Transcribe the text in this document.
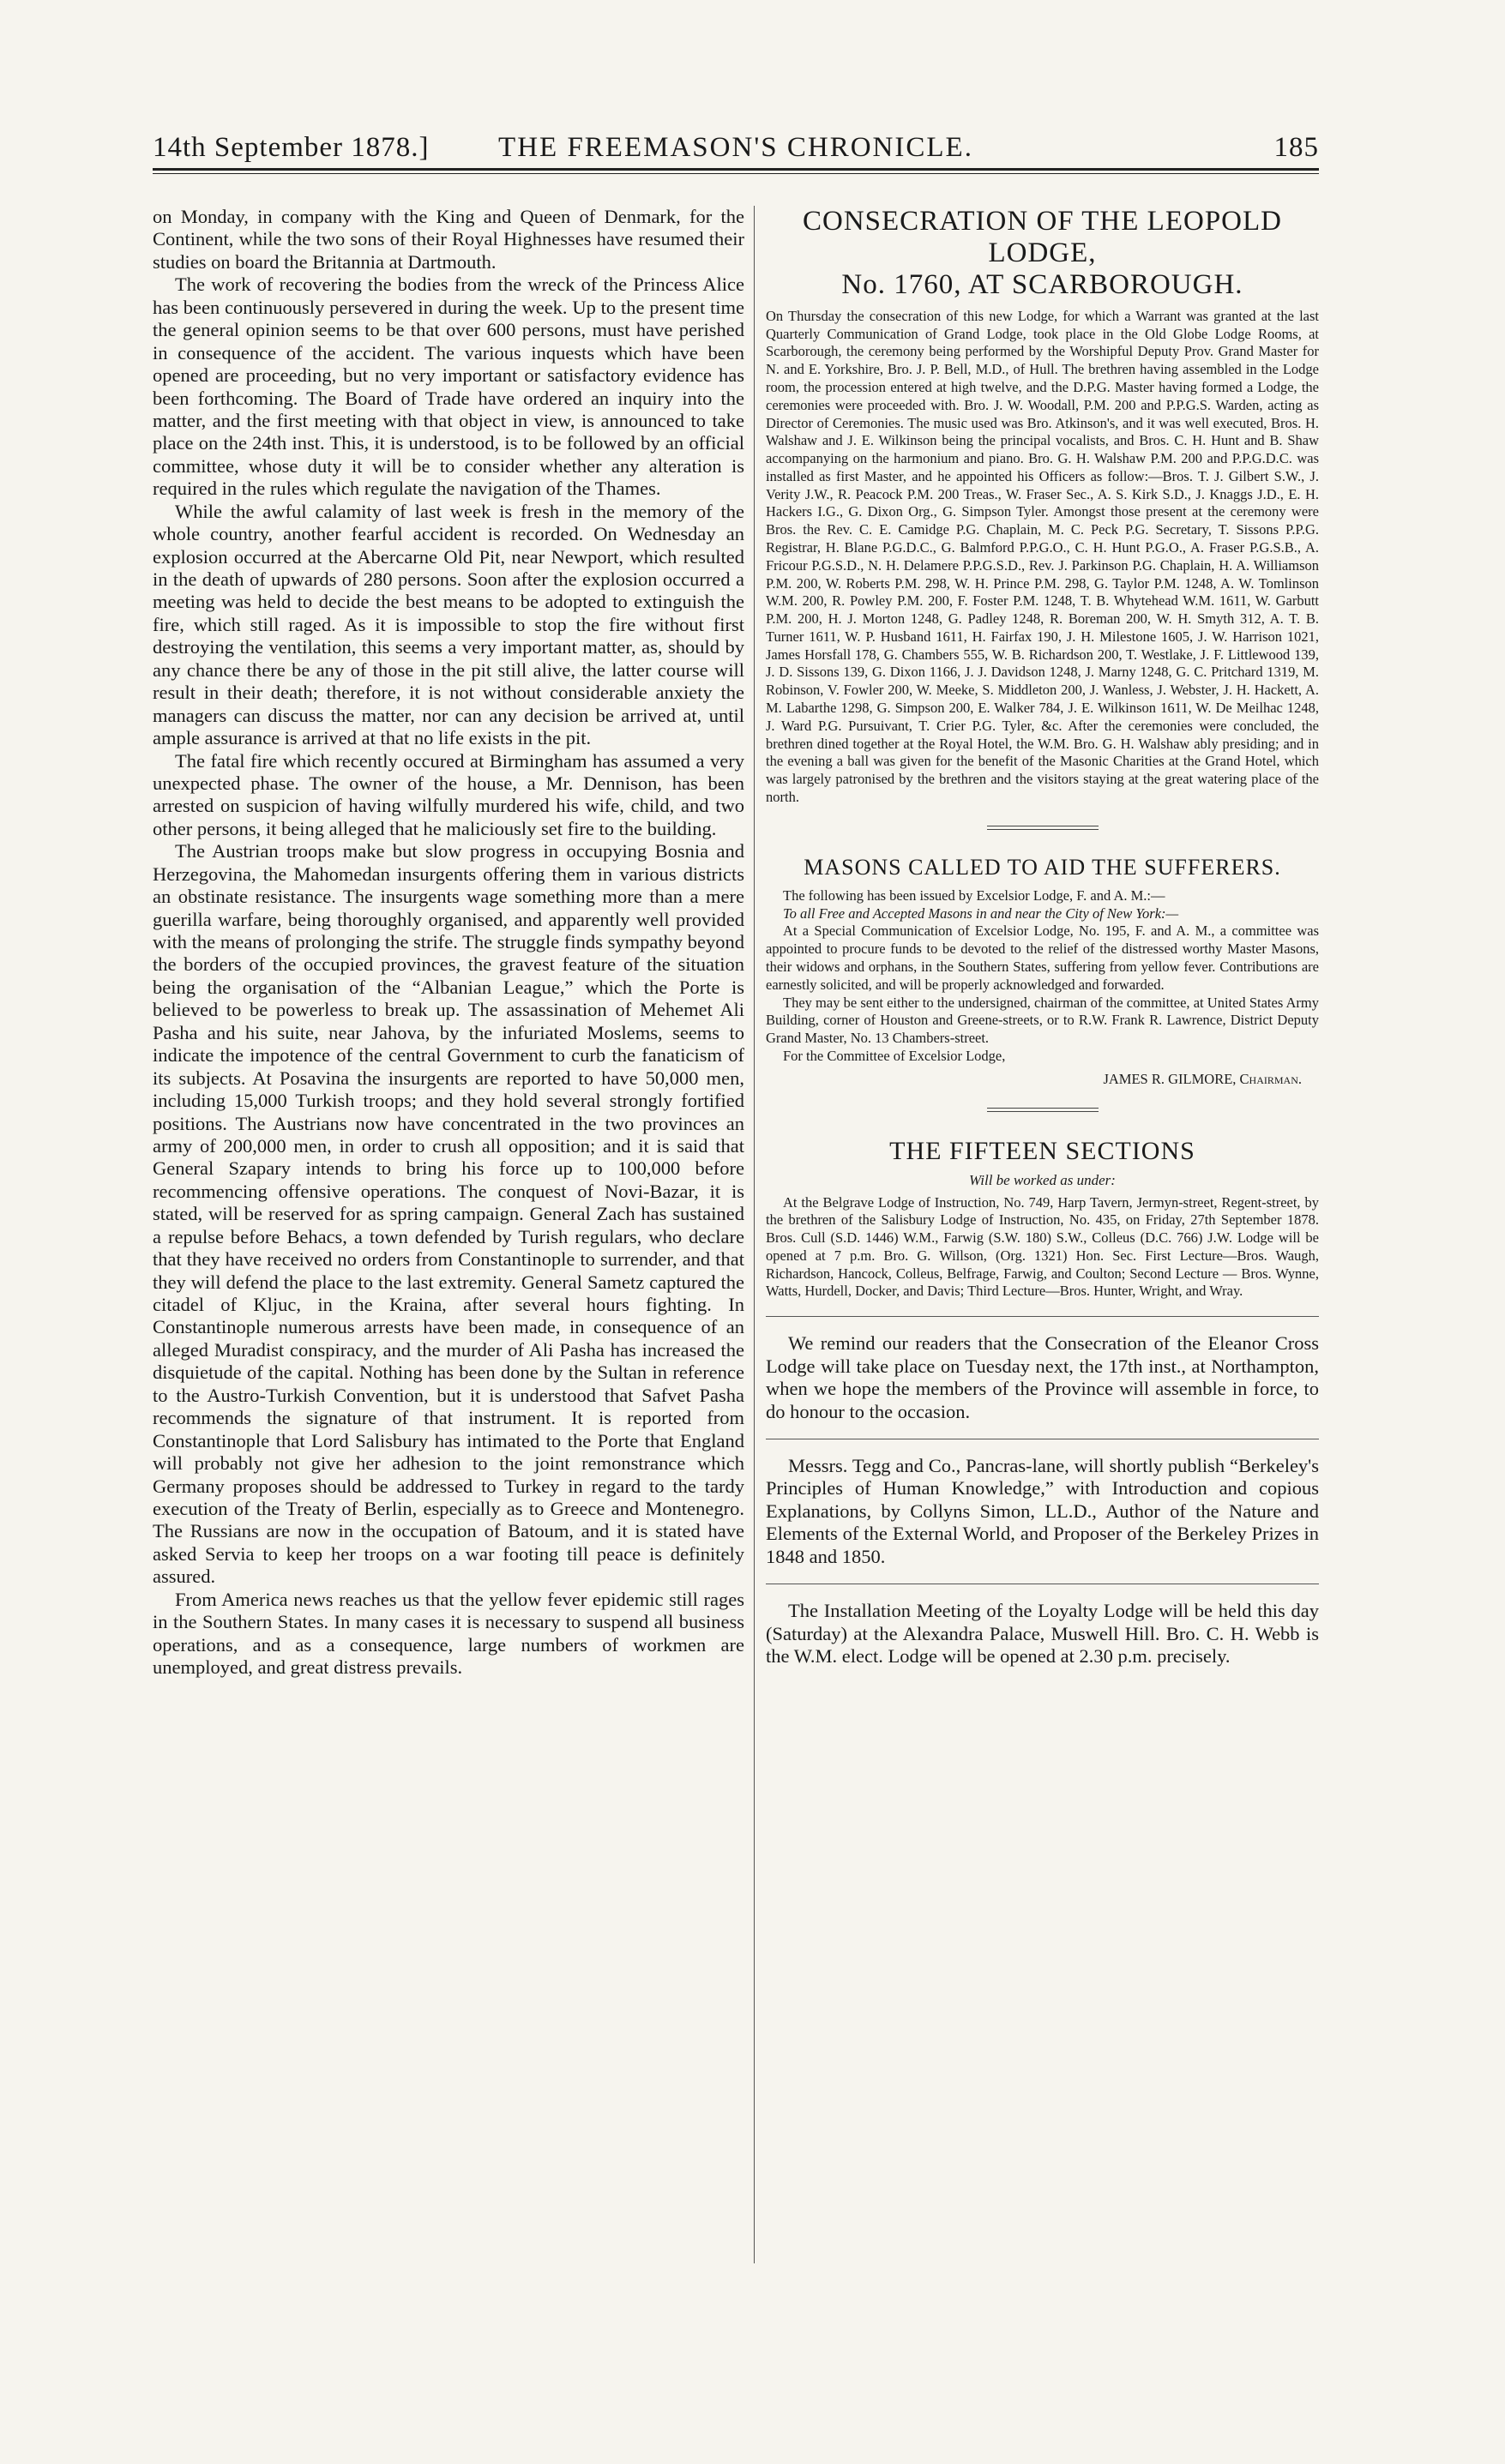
14th September 1878.]	THE FREEMASON'S CHRONICLE.	185

on Monday, in company with the King and Queen of Denmark, for the Continent, while the two sons of their Royal Highnesses have resumed their studies on board the Britannia at Dartmouth.

The work of recovering the bodies from the wreck of the Princess Alice has been continuously persevered in during the week. Up to the present time the general opinion seems to be that over 600 persons, must have perished in consequence of the accident. The various inquests which have been opened are proceeding, but no very important or satisfactory evidence has been forthcoming. The Board of Trade have ordered an inquiry into the matter, and the first meeting with that object in view, is announced to take place on the 24th inst. This, it is understood, is to be followed by an official committee, whose duty it will be to consider whether any alteration is required in the rules which regulate the navigation of the Thames.

While the awful calamity of last week is fresh in the memory of the whole country, another fearful accident is recorded. On Wednesday an explosion occurred at the Abercarne Old Pit, near Newport, which resulted in the death of upwards of 280 persons. Soon after the explosion occurred a meeting was held to decide the best means to be adopted to extinguish the fire, which still raged. As it is impossible to stop the fire without first destroying the ventilation, this seems a very important matter, as, should by any chance there be any of those in the pit still alive, the latter course will result in their death; therefore, it is not without considerable anxiety the managers can discuss the matter, nor can any decision be arrived at, until ample assurance is arrived at that no life exists in the pit.

The fatal fire which recently occured at Birmingham has assumed a very unexpected phase. The owner of the house, a Mr. Dennison, has been arrested on suspicion of having wilfully murdered his wife, child, and two other persons, it being alleged that he maliciously set fire to the building.

The Austrian troops make but slow progress in occupying Bosnia and Herzegovina, the Mahomedan insurgents offering them in various districts an obstinate resistance. The insurgents wage something more than a mere guerilla warfare, being thoroughly organised, and apparently well provided with the means of prolonging the strife. The struggle finds sympathy beyond the borders of the occupied provinces, the gravest feature of the situation being the organisation of the “Albanian League,” which the Porte is believed to be powerless to break up. The assassination of Mehemet Ali Pasha and his suite, near Jahova, by the infuriated Moslems, seems to indicate the impotence of the central Government to curb the fanaticism of its subjects. At Posavina the insurgents are reported to have 50,000 men, including 15,000 Turkish troops; and they hold several strongly fortified positions. The Austrians now have concentrated in the two provinces an army of 200,000 men, in order to crush all opposition; and it is said that General Szapary intends to bring his force up to 100,000 before recommencing offensive operations. The conquest of Novi-Bazar, it is stated, will be reserved for as spring campaign. General Zach has sustained a repulse before Behacs, a town defended by Turish regulars, who declare that they have received no orders from Constantinople to surrender, and that they will defend the place to the last extremity. General Sametz captured the citadel of Kljuc, in the Kraina, after several hours fighting. In Constantinople numerous arrests have been made, in consequence of an alleged Muradist conspiracy, and the murder of Ali Pasha has increased the disquietude of the capital. Nothing has been done by the Sultan in reference to the Austro-Turkish Convention, but it is understood that Safvet Pasha recommends the signature of that instrument. It is reported from Constantinople that Lord Salisbury has intimated to the Porte that England will probably not give her adhesion to the joint remonstrance which Germany proposes should be addressed to Turkey in regard to the tardy execution of the Treaty of Berlin, especially as to Greece and Montenegro. The Russians are now in the occupation of Batoum, and it is stated have asked Servia to keep her troops on a war footing till peace is definitely assured.

From America news reaches us that the yellow fever epidemic still rages in the Southern States. In many cases it is necessary to suspend all business operations, and as a consequence, large numbers of workmen are unemployed, and great distress prevails.

CONSECRATION OF THE LEOPOLD LODGE,
No. 1760, AT SCARBOROUGH.

On Thursday the consecration of this new Lodge, for which a Warrant was granted at the last Quarterly Communication of Grand Lodge, took place in the Old Globe Lodge Rooms, at Scarborough, the ceremony being performed by the Worshipful Deputy Prov. Grand Master for N. and E. Yorkshire, Bro. J. P. Bell, M.D., of Hull. The brethren having assembled in the Lodge room, the procession entered at high twelve, and the D.P.G. Master having formed a Lodge, the ceremonies were proceeded with. Bro. J. W. Woodall, P.M. 200 and P.P.G.S. Warden, acting as Director of Ceremonies. The music used was Bro. Atkinson's, and it was well executed, Bros. H. Walshaw and J. E. Wilkinson being the principal vocalists, and Bros. C. H. Hunt and B. Shaw accompanying on the harmonium and piano. Bro. G. H. Walshaw P.M. 200 and P.P.G.D.C. was installed as first Master, and he appointed his Officers as follow:—Bros. T. J. Gilbert S.W., J. Verity J.W., R. Peacock P.M. 200 Treas., W. Fraser Sec., A. S. Kirk S.D., J. Knaggs J.D., E. H. Hackers I.G., G. Dixon Org., G. Simpson Tyler. Amongst those present at the ceremony were Bros. the Rev. C. E. Camidge P.G. Chaplain, M. C. Peck P.G. Secretary, T. Sissons P.P.G. Registrar, H. Blane P.G.D.C., G. Balmford P.P.G.O., C. H. Hunt P.G.O., A. Fraser P.G.S.B., A. Fricour P.G.S.D., N. H. Delamere P.P.G.S.D., Rev. J. Parkinson P.G. Chaplain, H. A. Williamson P.M. 200, W. Roberts P.M. 298, W. H. Prince P.M. 298, G. Taylor P.M. 1248, A. W. Tomlinson W.M. 200, R. Powley P.M. 200, F. Foster P.M. 1248, T. B. Whytehead W.M. 1611, W. Garbutt P.M. 200, H. J. Morton 1248, G. Padley 1248, R. Boreman 200, W. H. Smyth 312, A. T. B. Turner 1611, W. P. Husband 1611, H. Fairfax 190, J. H. Milestone 1605, J. W. Harrison 1021, James Horsfall 178, G. Chambers 555, W. B. Richardson 200, T. Westlake, J. F. Littlewood 139, J. D. Sissons 139, G. Dixon 1166, J. J. Davidson 1248, J. Marny 1248, G. C. Pritchard 1319, M. Robinson, V. Fowler 200, W. Meeke, S. Middleton 200, J. Wanless, J. Webster, J. H. Hackett, A. M. Labarthe 1298, G. Simpson 200, E. Walker 784, J. E. Wilkinson 1611, W. De Meilhac 1248, J. Ward P.G. Pursuivant, T. Crier P.G. Tyler, &c. After the ceremonies were concluded, the brethren dined together at the Royal Hotel, the W.M. Bro. G. H. Walshaw ably presiding; and in the evening a ball was given for the benefit of the Masonic Charities at the Grand Hotel, which was largely patronised by the brethren and the visitors staying at the great watering place of the north.

MASONS CALLED TO AID THE SUFFERERS.

The following has been issued by Excelsior Lodge, F. and A. M.:—

To all Free and Accepted Masons in and near the City of New York:—

At a Special Communication of Excelsior Lodge, No. 195, F. and A. M., a committee was appointed to procure funds to be devoted to the relief of the distressed worthy Master Masons, their widows and orphans, in the Southern States, suffering from yellow fever. Contributions are earnestly solicited, and will be properly acknowledged and forwarded.

They may be sent either to the undersigned, chairman of the committee, at United States Army Building, corner of Houston and Greene-streets, or to R.W. Frank R. Lawrence, District Deputy Grand Master, No. 13 Chambers-street.

For the Committee of Excelsior Lodge,

JAMES R. GILMORE, Chairman.

THE FIFTEEN SECTIONS
Will be worked as under:

At the Belgrave Lodge of Instruction, No. 749, Harp Tavern, Jermyn-street, Regent-street, by the brethren of the Salisbury Lodge of Instruction, No. 435, on Friday, 27th September 1878. Bros. Cull (S.D. 1446) W.M., Farwig (S.W. 180) S.W., Colleus (D.C. 766) J.W. Lodge will be opened at 7 p.m. Bro. G. Willson, (Org. 1321) Hon. Sec. First Lecture—Bros. Waugh, Richardson, Hancock, Colleus, Belfrage, Farwig, and Coulton; Second Lecture — Bros. Wynne, Watts, Hurdell, Docker, and Davis; Third Lecture—Bros. Hunter, Wright, and Wray.

We remind our readers that the Consecration of the Eleanor Cross Lodge will take place on Tuesday next, the 17th inst., at Northampton, when we hope the members of the Province will assemble in force, to do honour to the occasion.

Messrs. Tegg and Co., Pancras-lane, will shortly publish “Berkeley's Principles of Human Knowledge,” with Introduction and copious Explanations, by Collyns Simon, LL.D., Author of the Nature and Elements of the External World, and Proposer of the Berkeley Prizes in 1848 and 1850.

The Installation Meeting of the Loyalty Lodge will be held this day (Saturday) at the Alexandra Palace, Muswell Hill. Bro. C. H. Webb is the W.M. elect. Lodge will be opened at 2.30 p.m. precisely.
